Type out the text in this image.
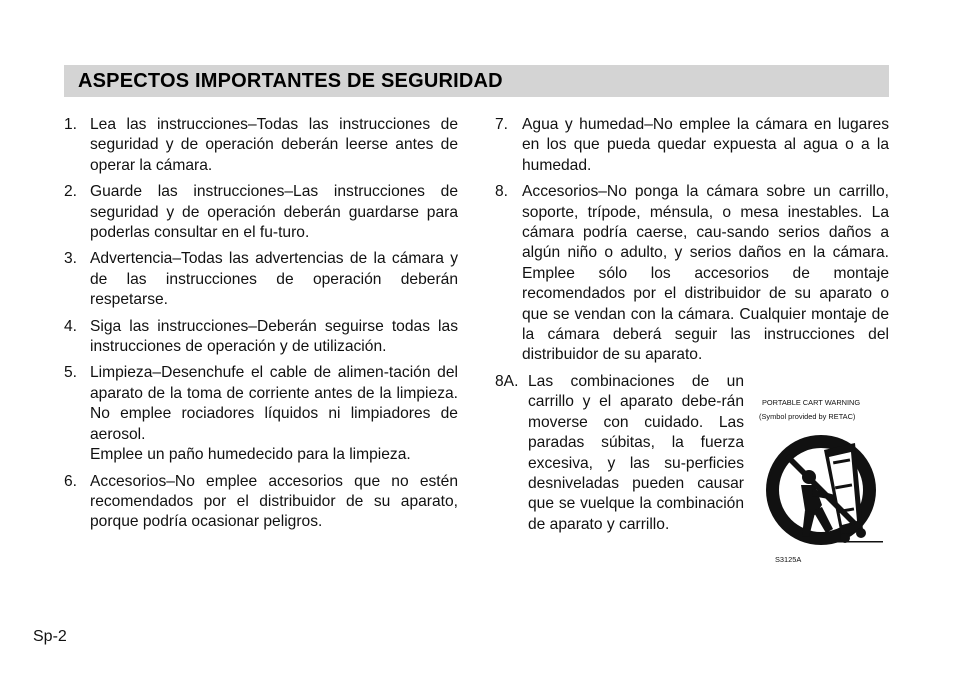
ASPECTOS IMPORTANTES DE SEGURIDAD
1. Lea las instrucciones–Todas las instrucciones de seguridad y de operación deberán leerse antes de operar la cámara.

2. Guarde las instrucciones–Las instrucciones de seguridad y de operación deberán guardarse para poderlas consultar en el fu-turo.

3. Advertencia–Todas las advertencias de la cámara y de las instrucciones de operación deberán respetarse.

4. Siga las instrucciones–Deberán seguirse todas las instrucciones de operación y de utilización.

5. Limpieza–Desenchufe el cable de alimen-tación del aparato de la toma de corriente antes de la limpieza. No emplee rociadores líquidos ni limpiadores de aerosol.

Emplee un paño humedecido para la limpieza.

6. Accesorios–No emplee accesorios que no estén recomendados por el distribuidor de su aparato, porque podría ocasionar peligros.

7. Agua y humedad–No emplee la cámara en lugares en los que pueda quedar expuesta al agua o a la humedad.

8. Accesorios–No ponga la cámara sobre un carrillo, soporte, trípode, ménsula, o mesa inestables. La cámara podría caerse, cau-sando serios daños a algún niño o adulto, y serios daños en la cámara. Emplee sólo los accesorios de montaje recomendados por el distribuidor de su aparato o que se vendan con la cámara. Cualquier montaje de la cámara deberá seguir las instrucciones del distribuidor de su aparato.

8A. Las combinaciones de un carrillo y el aparato debe-rán moverse con cuidado. Las paradas súbitas, la fuerza excesiva, y las su-perficies desniveladas pueden causar que se vuelque la combinación de aparato y carrillo.

PORTABLE CART WARNING
(Symbol provided by RETAC)
S3125A
Sp-2
